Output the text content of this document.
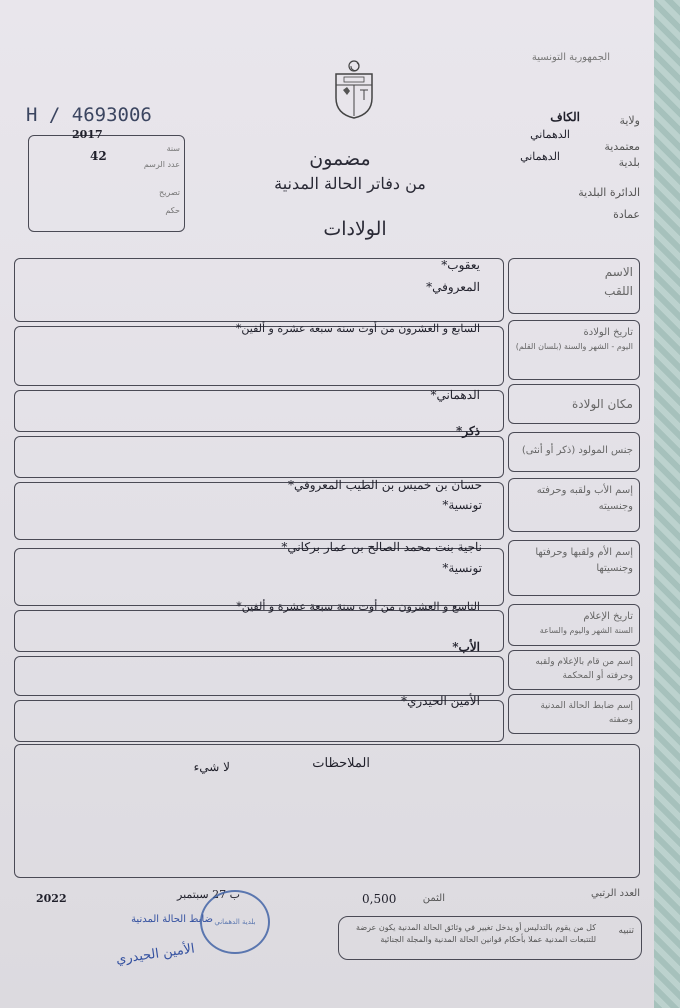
الجمهورية التونسية
H / 4693006
2017
سنة
42
عدد الرسم
تصريح
حكم
مضمون
من دفاتر الحالة المدنية
الولادات
ولاية
الكاف
معتمدية
الدهماني
بلدية
الدهماني
الدائرة البلدية
عمادة
الاسم
اللقب
يعقوب*
المعروفي*
تاريخ الولادة
اليوم - الشهر والسنة (بلسان القلم)
السابع و العشرون من أوت سنة سبعة عشرة و ألفين*
مكان الولادة
الدهماني*
جنس المولود (ذكر أو أنثى)
ذكر*
إسم الأب ولقبه وحرفته
وجنسيته
حسان بن خميس بن الطيب المعروفي*
تونسية*
إسم الأم ولقبها وحرفتها
وجنسيتها
ناجية بنت محمد الصالح بن عمار بركاني*
تونسية*
تاريخ الإعلام
السنة الشهر واليوم والساعة
التاسع و العشرون من أوت سنة سبعة عشرة و ألفين*
إسم من قام بالإعلام ولقبه وحرفته أو المحكمة
الأب*
إسم ضابط الحالة المدنية وصفته
الأمين الحيدري*
الملاحظات
لا شيء
العدد الرتبي
الثمن
0,500
ب 27 سبتمبر
2022
كل من يقوم بالتدليس أو يدخل تغيير في وثائق الحالة المدنية يكون عرضة للتتبعات المدنية عملا بأحكام قوانين الحالة المدنية والمجلة الجنائية
تنبيه
ضابط الحالة المدنية
الأمين الحيدري
بلدية الدهماني
